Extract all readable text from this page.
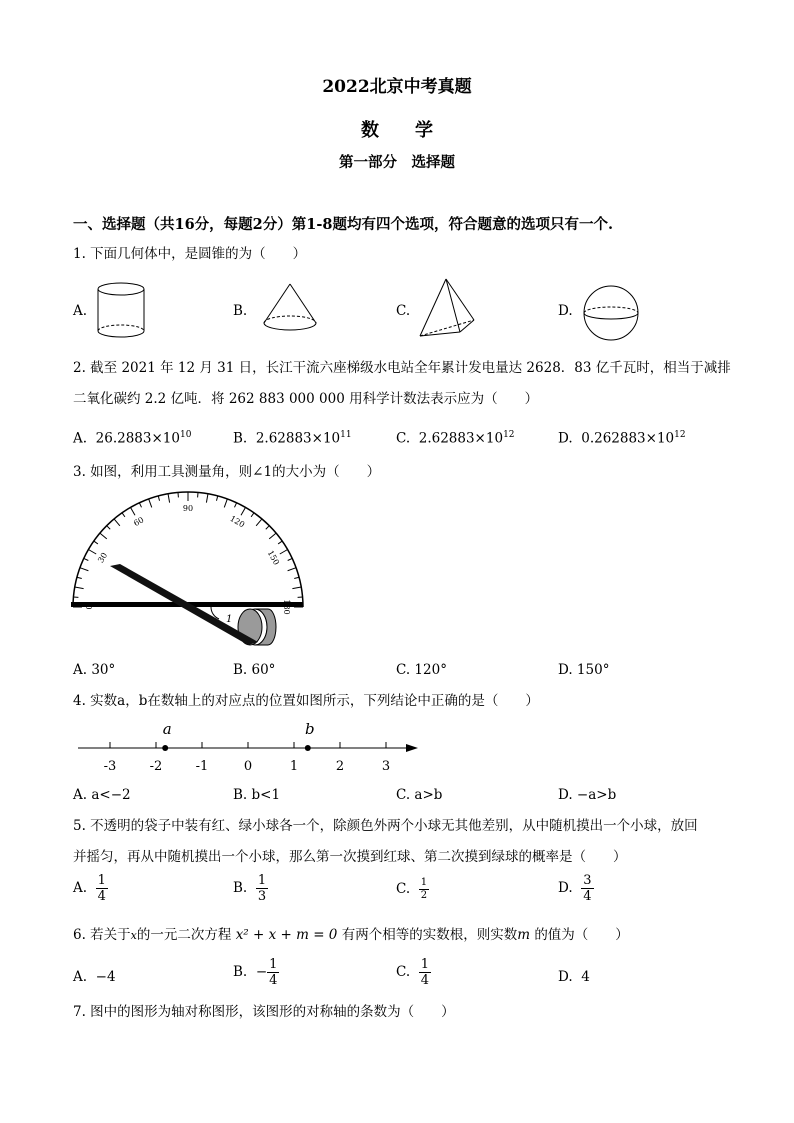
2022北京中考真题
数　　学
第一部分　选择题
一、选择题（共16分，每题2分）第1-8题均有四个选项，符合题意的选项只有一个.
1. 下面几何体中，是圆锥的为（　　）
A.	B.	C.	D.
2. 截至 2021 年 12 月 31 日，长江干流六座梯级水电站全年累计发电量达 2628．83 亿千瓦时，相当于减排
二氧化碳约 2.2 亿吨．将 262 883 000 000 用科学计数法表示应为（　　）
A. $26.2883\times 10^{10}$	B. $2.62883\times 10^{11}$	C. $2.62883\times 10^{12}$	D. $0.262883\times 10^{12}$
3. 如图，利用工具测量角，则∠1的大小为（　　）
0
30
60
90
120
150
180
1
A. 30°	B. 60°	C. 120°	D. 150°
4. 实数a，b在数轴上的对应点的位置如图所示，下列结论中正确的是（　　）
-3	-2	-1	0	1	2	3
a	b
A. a<−2	B. b<1	C. a>b	D. −a>b
5. 不透明的袋子中装有红、绿小球各一个，除颜色外两个小球无其他差别，从中随机摸出一个小球，放回
并摇匀，再从中随机摸出一个小球，那么第一次摸到红球、第二次摸到绿球的概率是（　　）
A. $\frac{1}{4}$	B. $\frac{1}{3}$	C. $\frac{1}{2}$	D. $\frac{3}{4}$
6. 若关于x的一元二次方程 x² + x + m = 0 有两个相等的实数根，则实数m 的值为（　　）
A. −4	B. − $\frac{1}{4}$	C. $\frac{1}{4}$	D. 4
7. 图中的图形为轴对称图形，该图形的对称轴的条数为（　　）
